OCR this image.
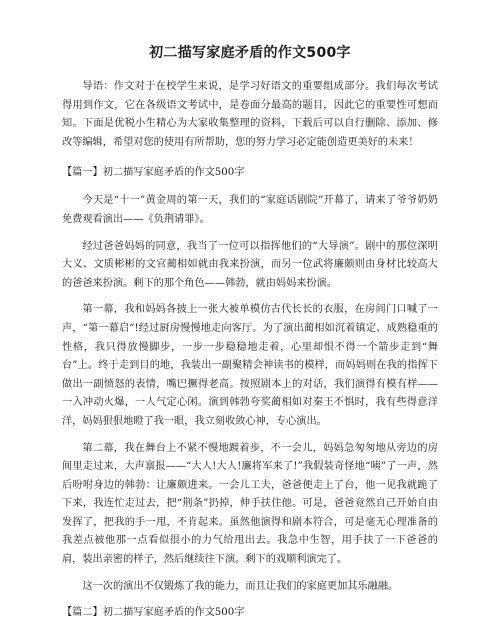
初二描写家庭矛盾的作文500字

导语：作文对于在校学生来说，是学习好语文的重要组成部分。我们每次考试得用到作文，它在各级语文考试中，是卷面分最高的题目，因此它的重要性可想而知。下面是优税小生精心为大家收集整理的资料，下载后可以自行删除、添加、修改等编辑，希望对您的使用有所帮助，您的努力学习必定能创造更美好的未来！

【篇一】初二描写家庭矛盾的作文500字

今天是“十一”黄金周的第一天，我们的“家庭话剧院”开幕了，请来了爷爷奶奶免费观看演出——《负荆请罪》。

经过爸爸妈妈的同意，我当了一位可以指挥他们的“大导演”。剧中的那位深明大义、文质彬彬的文官蔺相如就由我来扮演，而另一位武将廉颇则由身材比较高大的爸爸来扮演。剩下的那个角色——韩勃，就由妈妈来扮演。

第一幕，我和妈妈各披上一张大被单模仿古代长长的衣服，在房间门口喊了一声，“第一幕启”!经过厨房慢慢地走向客厅。为了演出蔺相如沉着镇定、成熟稳重的性格，我只得放慢脚步，一步一步稳稳地走着，心里却恨不得一个箭步走到“舞台”上。终于走到目的地，我装出一副聚精会神读书的模样，而妈妈则在我的指挥下做出一副愤怒的表情，嘴巴撅得老高。按照剧本上的对话，我们演得有模有样——一入冲动火爆，一人气定心闲。演到韩勃夸奖蔺相如对秦王不惧时，我有些得意洋洋，妈妈狠狠地瞪了我一眼，我立刻收敛心神，专心演出。

第二幕，我在舞台上不紧不慢地踱着步，不一会儿，妈妈急匆匆地从旁边的房间里走过来，大声禀报——“大人!大人!廉将军来了!”我假装奇怪地“咦”了一声，然后吩咐身边的韩勃：让廉颇进来。一会儿工夫，爸爸便走上了台，他一见我就跪了下来，我连忙走过去，把“荆条”扔掉，伸手扶住他。可是，爸爸竟然自己开始自由发挥了，把我的手一甩，不肯起来。虽然他演得和剧本符合，可是毫无心理准备的我差点被他那一点看似很小的力气给甩出去。我急中生智，用手扶了一下爸爸的肩，装出亲密的样子，然后继续往下演。剩下的戏顺利演完了。

这一次的演出不仅锻炼了我的能力，而且让我们的家庭更加其乐融融。

【篇二】初二描写家庭矛盾的作文500字
